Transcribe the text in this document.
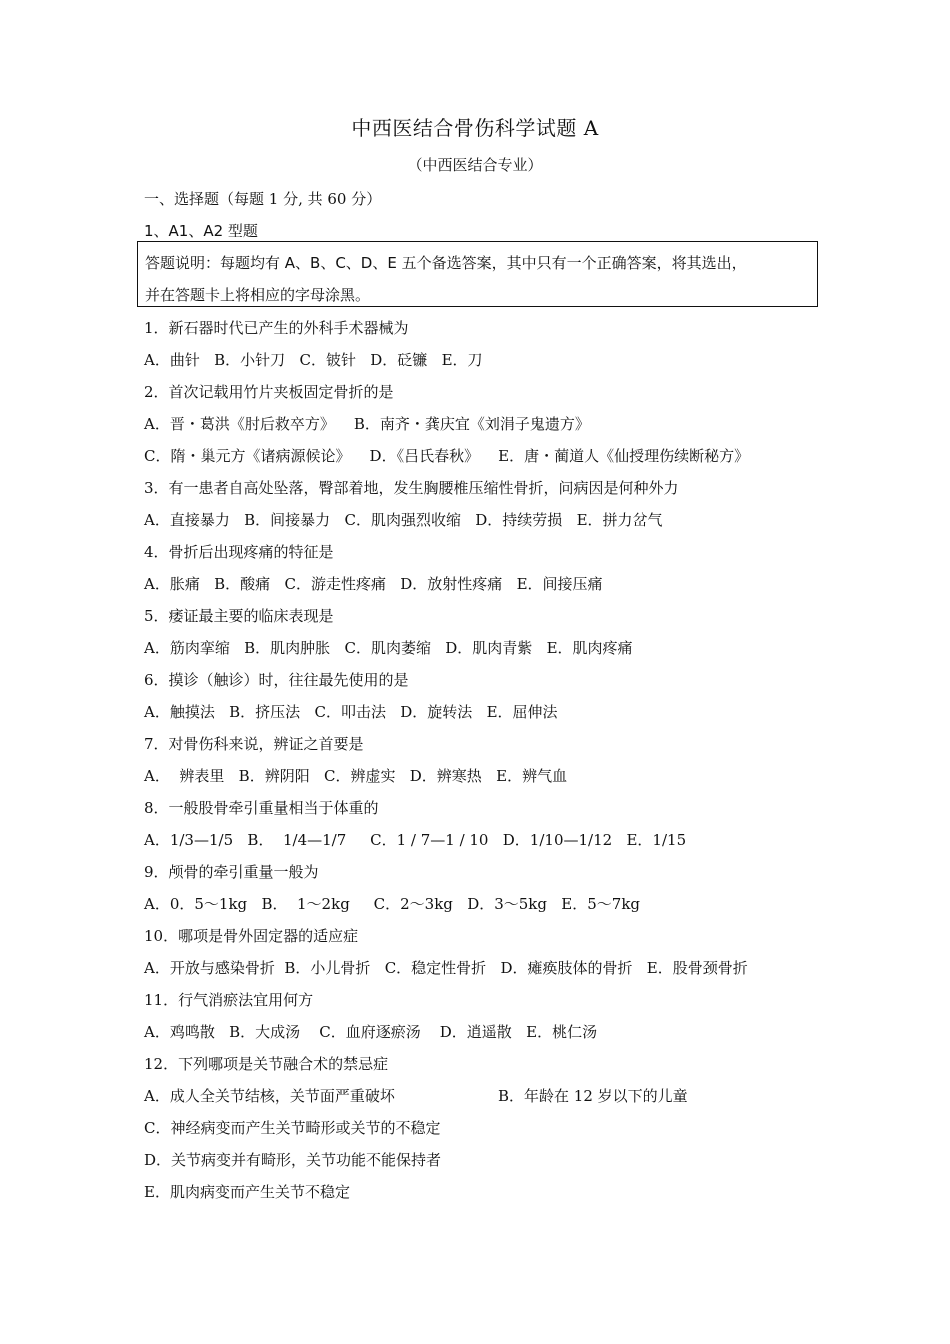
中西医结合骨伤科学试题 A
（中西医结合专业）
一、选择题（每题 1 分, 共 60 分）
1、A1、A2 型题
答题说明：每题均有 A、B、C、D、E 五个备选答案，其中只有一个正确答案，将其选出，
并在答题卡上将相应的字母涂黑。
1．新石器时代已产生的外科手术器械为
A．曲针   B．小针刀   C．铍针   D．砭镰   E．刀
2．首次记载用竹片夹板固定骨折的是
A．晋・葛洪《肘后救卒方》    B．南齐・龚庆宜《刘涓子鬼遗方》
C．隋・巢元方《诸病源候论》    D．《吕氏春秋》    E．唐・蔺道人《仙授理伤续断秘方》
3．有一患者自高处坠落，臀部着地，发生胸腰椎压缩性骨折，问病因是何种外力
A．直接暴力   B．间接暴力   C．肌肉强烈收缩   D．持续劳损   E．拼力岔气
4．骨折后出现疼痛的特征是
A．胀痛   B．酸痛   C．游走性疼痛   D．放射性疼痛   E．间接压痛
5．痿证最主要的临床表现是
A．筋肉挛缩   B．肌肉肿胀   C．肌肉萎缩   D．肌肉青紫   E．肌肉疼痛
6．摸诊（触诊）时，往往最先使用的是
A．触摸法   B．挤压法   C．叩击法   D．旋转法   E．屈伸法
7．对骨伤科来说，辨证之首要是
A．  辨表里   B．辨阴阳   C．辨虚实   D．辨寒热   E．辨气血
8．一般股骨牵引重量相当于体重的
A．1/3—1/5   B．  1/4—1/7     C．1 / 7—1 / 10   D．1/10—1/12   E．1/15
9．颅骨的牵引重量一般为
A．0．5～1kg   B．  1～2kg     C．2～3kg   D．3～5kg   E．5～7kg
10．哪项是骨外固定器的适应症
A．开放与感染骨折  B．小儿骨折   C．稳定性骨折   D．瘫痪肢体的骨折   E．股骨颈骨折
11．行气消瘀法宜用何方
A．鸡鸣散   B．大成汤    C．血府逐瘀汤    D．逍遥散   E．桃仁汤
12．下列哪项是关节融合术的禁忌症
A．成人全关节结核，关节面严重破坏	B．年龄在 12 岁以下的儿童
C．神经病变而产生关节畸形或关节的不稳定
D．关节病变并有畸形，关节功能不能保持者
E．肌肉病变而产生关节不稳定
